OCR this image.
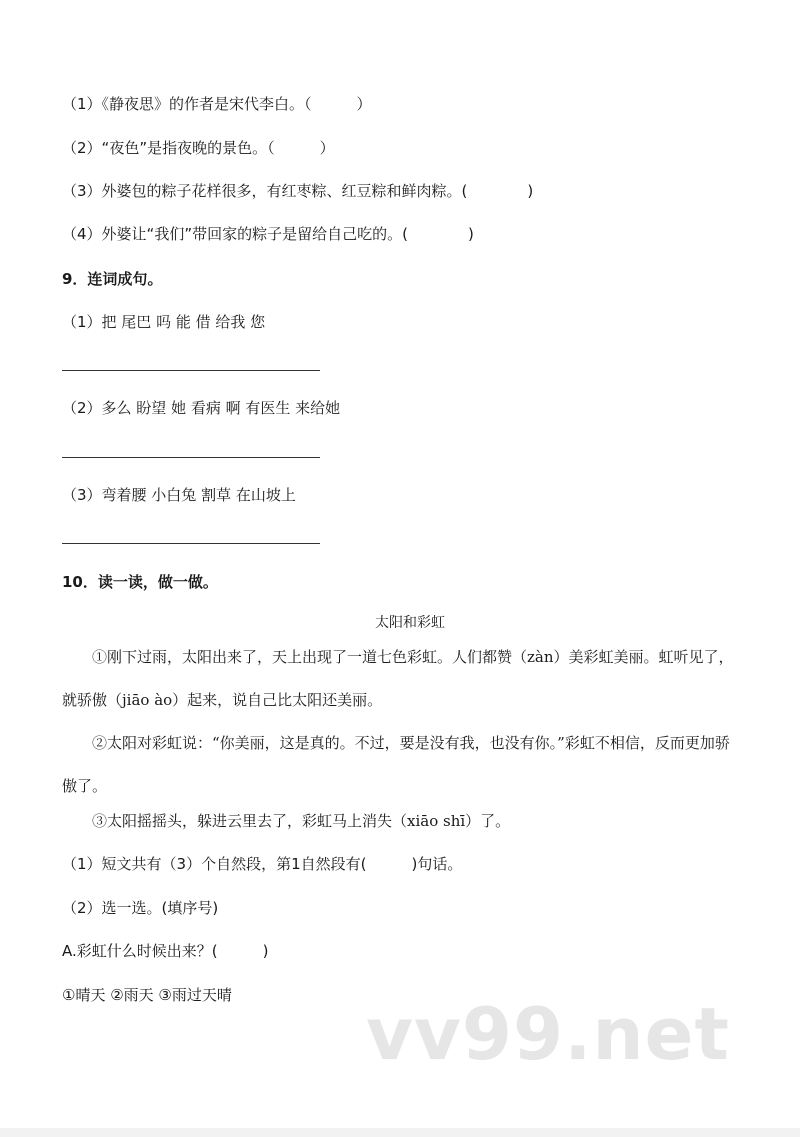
（1）《静夜思》的作者是宋代李白。（　　　）
（2）“夜色”是指夜晚的景色。（　　　）
（3）外婆包的粽子花样很多，有红枣粽、红豆粽和鲜肉粽。(　　　　)
（4）外婆让“我们”带回家的粽子是留给自己吃的。(　　　　)
9．连词成句。
（1）把 尾巴 吗 能 借 给我 您
（2）多么 盼望 她 看病 啊 有医生 来给她
（3）弯着腰 小白兔 割草 在山坡上
10．读一读，做一做。
太阳和彩虹
①刚下过雨，太阳出来了，天上出现了一道七色彩虹。人们都赞（zàn）美彩虹美丽。虹听见了，就骄傲（jiāo ào）起来，说自己比太阳还美丽。
②太阳对彩虹说：“你美丽，这是真的。不过，要是没有我，也没有你。”彩虹不相信，反而更加骄傲了。
③太阳摇摇头，躲进云里去了，彩虹马上消失（xiāo shī）了。
（1）短文共有（3）个自然段，第1自然段有(　　　)句话。
（2）选一选。(填序号)
A.彩虹什么时候出来？(　　　)
①晴天 ②雨天 ③雨过天晴 vv99.net
